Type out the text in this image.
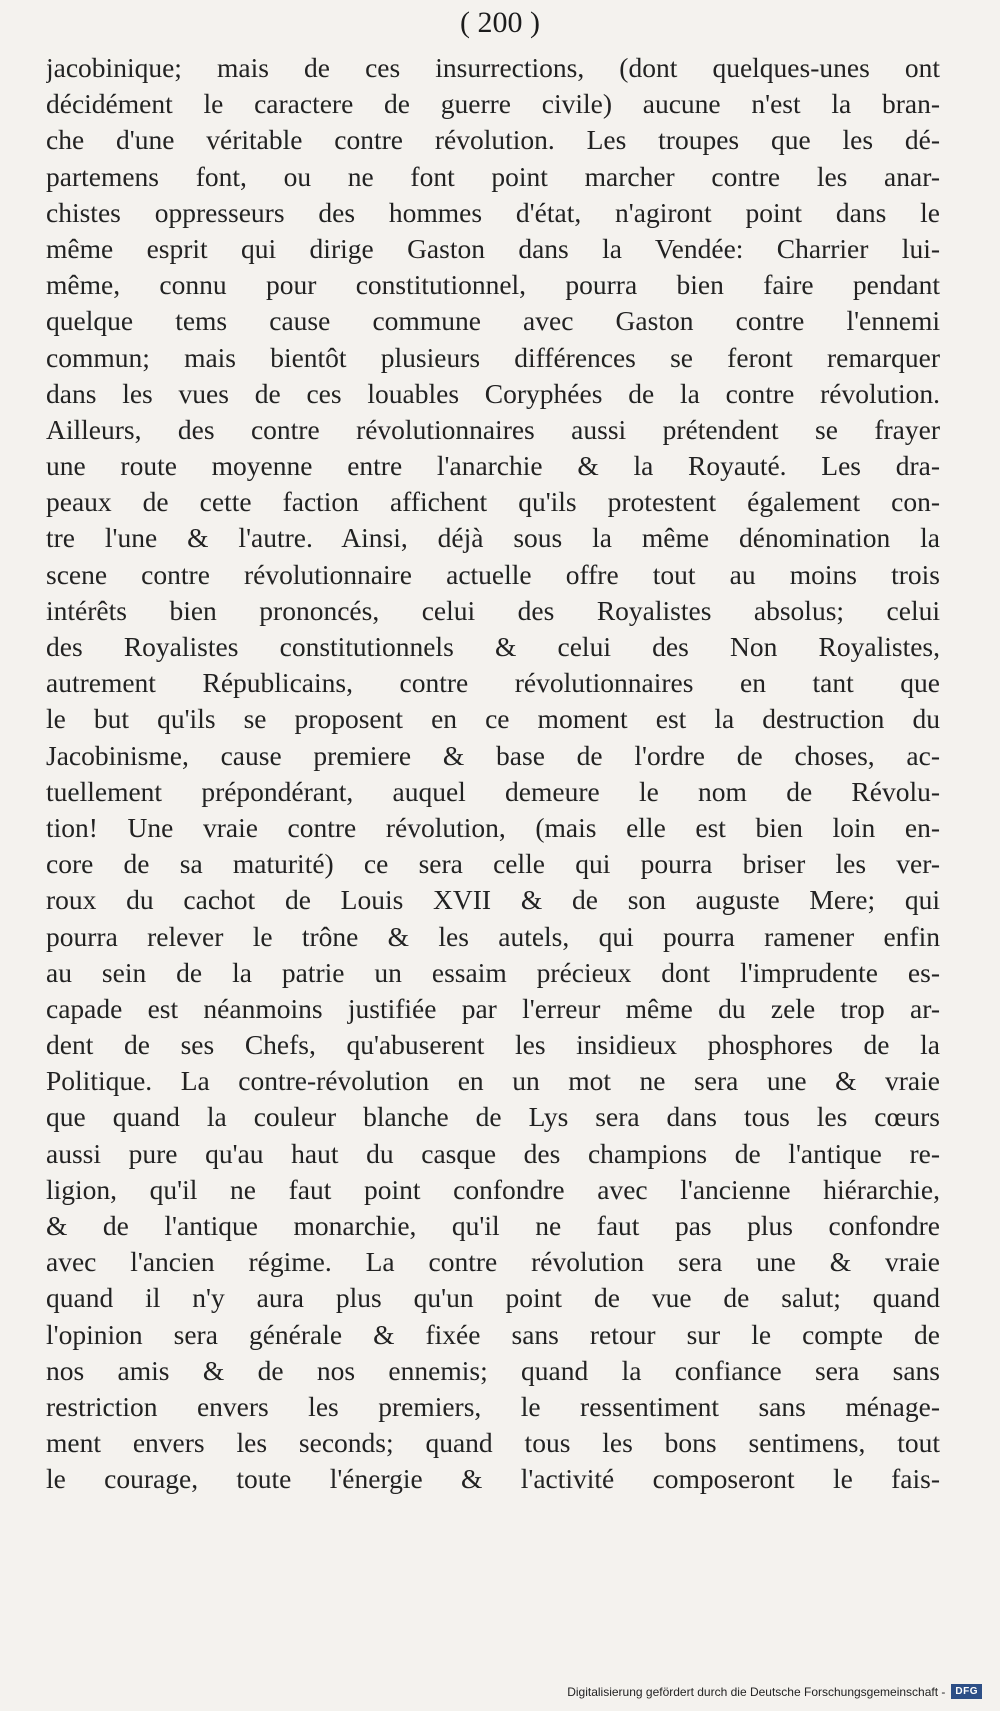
( 200 )
jacobinique; mais de ces insurrections, (dont quelques-unes ont
décidément le caractere de guerre civile) aucune n'est la bran-
che d'une véritable contre révolution. Les troupes que les dé-
partemens font, ou ne font point marcher contre les anar-
chistes oppresseurs des hommes d'état, n'agiront point dans le
même esprit qui dirige Gaston dans la Vendée: Charrier lui-
même, connu pour constitutionnel, pourra bien faire pendant
quelque tems cause commune avec Gaston contre l'ennemi
commun; mais bientôt plusieurs différences se feront remarquer
dans les vues de ces louables Coryphées de la contre révolution.
Ailleurs, des contre révolutionnaires aussi prétendent se frayer
une route moyenne entre l'anarchie & la Royauté. Les dra-
peaux de cette faction affichent qu'ils protestent également con-
tre l'une & l'autre. Ainsi, déjà sous la même dénomination la
scene contre révolutionnaire actuelle offre tout au moins trois
intérêts bien prononcés, celui des Royalistes absolus; celui
des Royalistes constitutionnels & celui des Non Royalistes,
autrement Républicains, contre révolutionnaires en tant que
le but qu'ils se proposent en ce moment est la destruction du
Jacobinisme, cause premiere & base de l'ordre de choses, ac-
tuellement prépondérant, auquel demeure le nom de Révolu-
tion! Une vraie contre révolution, (mais elle est bien loin en-
core de sa maturité) ce sera celle qui pourra briser les ver-
roux du cachot de Louis XVII & de son auguste Mere; qui
pourra relever le trône & les autels, qui pourra ramener enfin
au sein de la patrie un essaim précieux dont l'imprudente es-
capade est néanmoins justifiée par l'erreur même du zele trop ar-
dent de ses Chefs, qu'abuserent les insidieux phosphores de la
Politique. La contre-révolution en un mot ne sera une & vraie
que quand la couleur blanche de Lys sera dans tous les cœurs
aussi pure qu'au haut du casque des champions de l'antique re-
ligion, qu'il ne faut point confondre avec l'ancienne hiérarchie,
& de l'antique monarchie, qu'il ne faut pas plus confondre
avec l'ancien régime. La contre révolution sera une & vraie
quand il n'y aura plus qu'un point de vue de salut; quand
l'opinion sera générale & fixée sans retour sur le compte de
nos amis & de nos ennemis; quand la confiance sera sans
restriction envers les premiers, le ressentiment sans ménage-
ment envers les seconds; quand tous les bons sentimens, tout
le courage, toute l'énergie & l'activité composeront le fais-
Digitalisierung gefördert durch die Deutsche Forschungsgemeinschaft -	DFG
